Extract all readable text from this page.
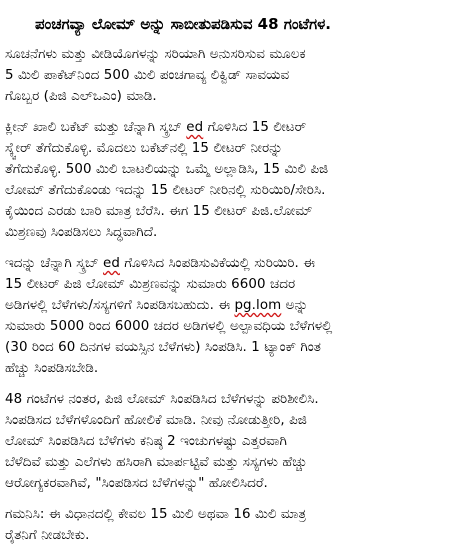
ಪಂಚಗವ್ಯಾ ಲೋಮ್ ಅನ್ನು ಸಾಬೀತುಪಡಿಸುವ 48 ಗಂಟೆಗಳ.
ಸೂಚನೆಗಳು ಮತ್ತು ವೀಡಿಯೊಗಳನ್ನು ಸರಿಯಾಗಿ ಅನುಸರಿಸುವ ಮೂಲಕ
5 ಮಿಲಿ ಪಾಕೆಟ್‌ನಿಂದ 500 ಮಿಲಿ ಪಂಚಗಾವ್ಯ ಲಿಕ್ವಿಡ್ ಸಾವಯವ
ಗೊಬ್ಬರ (ಪಿಜಿ ಎಲ್‌ಒಎಂ) ಮಾಡಿ.
ಕ್ಲೀನ್ ಖಾಲಿ ಬಕೆಟ್ ಮತ್ತು ಚೆನ್ನಾಗಿ ಸ್ಕ್ರಬ್ ed ಗೊಳಿಸಿದ 15 ಲೀಟರ್
ಸ್ಕ್ವೇರ್ ತೆಗೆದುಕೊಳ್ಳಿ. ಮೊದಲು ಬಕೆಟ್‌ನಲ್ಲಿ 15 ಲೀಟರ್ ನೀರನ್ನು
ತೆಗೆದುಕೊಳ್ಳಿ. 500 ಮಿಲಿ ಬಾಟಲಿಯನ್ನು ಒಮ್ಮೆ ಅಲ್ಲಾಡಿಸಿ, 15 ಮಿಲಿ ಪಿಜಿ
ಲೋಮ್ ತೆಗೆದುಕೊಂಡು ಇದನ್ನು 15 ಲೀಟರ್ ನೀರಿನಲ್ಲಿ ಸುರಿಯಿರಿ/ಸೇರಿಸಿ.
ಕೈಯಿಂದ ಎರಡು ಬಾರಿ ಮಾತ್ರ ಬೆರೆಸಿ. ಈಗ 15 ಲೀಟರ್ ಪಿಜಿ.ಲೋಮ್
ಮಿಶ್ರಣವು ಸಿಂಪಡಿಸಲು ಸಿದ್ಧವಾಗಿದೆ.
ಇದನ್ನು ಚೆನ್ನಾಗಿ ಸ್ಕ್ರಬ್ ed ಗೊಳಿಸಿದ ಸಿಂಪಡಿಸುವಿಕೆಯಲ್ಲಿ ಸುರಿಯಿರಿ. ಈ
15 ಲೀಟರ್ ಪಿಜಿ ಲೋಮ್ ಮಿಶ್ರಣವನ್ನು ಸುಮಾರು 6600 ಚದರ
ಅಡಿಗಳಲ್ಲಿ ಬೆಳೆಗಳು/ಸಸ್ಯಗಳಿಗೆ ಸಿಂಪಡಿಸಬಹುದು. ಈ pg.lom ಅನ್ನು
ಸುಮಾರು 5000 ರಿಂದ 6000 ಚದರ ಅಡಿಗಳಲ್ಲಿ ಅಲ್ಪಾವಧಿಯ ಬೆಳೆಗಳಲ್ಲಿ
(30 ರಿಂದ 60 ದಿನಗಳ ವಯಸ್ಸಿನ ಬೆಳೆಗಳು) ಸಿಂಪಡಿಸಿ. 1 ಟ್ಯಾಂಕ್ ಗಿಂತ
ಹೆಚ್ಚು ಸಿಂಪಡಿಸಬೇಡಿ.
48 ಗಂಟೆಗಳ ನಂತರ, ಪಿಜಿ ಲೋಮ್ ಸಿಂಪಡಿಸಿದ ಬೆಳೆಗಳನ್ನು ಪರಿಶೀಲಿಸಿ.
ಸಿಂಪಡಿಸದ ಬೆಳೆಗಳೊಂದಿಗೆ ಹೋಲಿಕೆ ಮಾಡಿ. ನೀವು ನೋಡುತ್ತೀರಿ, ಪಿಜಿ
ಲೋಮ್ ಸಿಂಪಡಿಸಿದ ಬೆಳೆಗಳು ಕನಿಷ್ಠ 2 ಇಂಚುಗಳಷ್ಟು ಎತ್ತರವಾಗಿ
ಬೆಳೆದಿವೆ ಮತ್ತು ಎಲೆಗಳು ಹಸಿರಾಗಿ ಮಾರ್ಪಟ್ಟಿವೆ ಮತ್ತು ಸಸ್ಯಗಳು ಹೆಚ್ಚು
ಆರೋಗ್ಯಕರವಾಗಿವೆ, "ಸಿಂಪಡಿಸದ ಬೆಳೆಗಳನ್ನು" ಹೋಲಿಸಿದರೆ.
ಗಮನಿಸಿ: ಈ ವಿಧಾನದಲ್ಲಿ ಕೇವಲ 15 ಮಿಲಿ ಅಥವಾ 16 ಮಿಲಿ ಮಾತ್ರ
ರೈತನಿಗೆ ನೀಡಬೇಕು.
